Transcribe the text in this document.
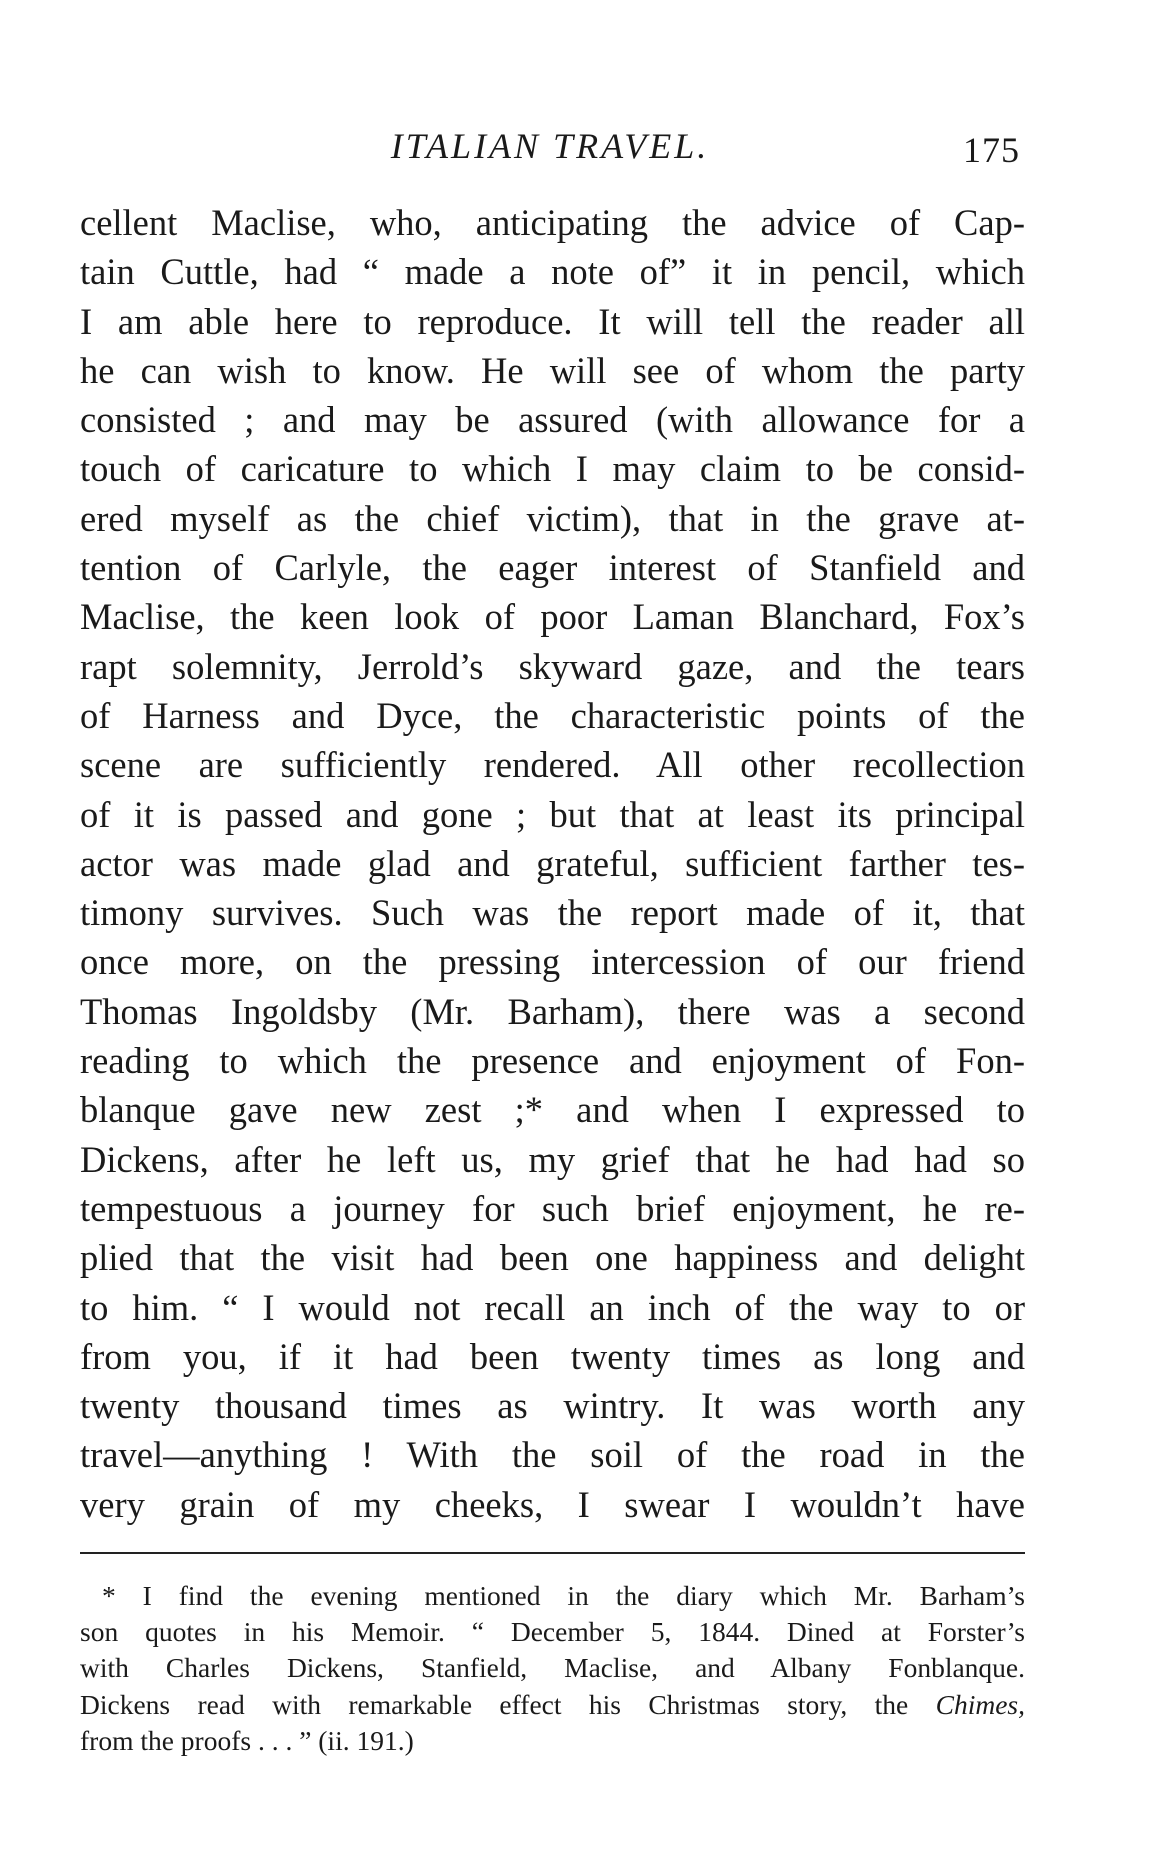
ITALIAN TRAVEL.	175
cellent Maclise, who, anticipating the advice of Cap-
tain Cuttle, had “ made a note of” it in pencil, which
I am able here to reproduce. It will tell the reader all
he can wish to know. He will see of whom the party
consisted ; and may be assured (with allowance for a
touch of caricature to which I may claim to be consid-
ered myself as the chief victim), that in the grave at-
tention of Carlyle, the eager interest of Stanfield and
Maclise, the keen look of poor Laman Blanchard, Fox’s
rapt solemnity, Jerrold’s skyward gaze, and the tears
of Harness and Dyce, the characteristic points of the
scene are sufficiently rendered. All other recollection
of it is passed and gone ; but that at least its principal
actor was made glad and grateful, sufficient farther tes-
timony survives. Such was the report made of it, that
once more, on the pressing intercession of our friend
Thomas Ingoldsby (Mr. Barham), there was a second
reading to which the presence and enjoyment of Fon-
blanque gave new zest ;* and when I expressed to
Dickens, after he left us, my grief that he had had so
tempestuous a journey for such brief enjoyment, he re-
plied that the visit had been one happiness and delight
to him. “ I would not recall an inch of the way to or
from you, if it had been twenty times as long and
twenty thousand times as wintry. It was worth any
travel—anything ! With the soil of the road in the
very grain of my cheeks, I swear I wouldn’t have
* I find the evening mentioned in the diary which Mr. Barham’s
son quotes in his Memoir. “ December 5, 1844. Dined at Forster’s
with Charles Dickens, Stanfield, Maclise, and Albany Fonblanque.
Dickens read with remarkable effect his Christmas story, the Chimes,
from the proofs . . . ” (ii. 191.)
